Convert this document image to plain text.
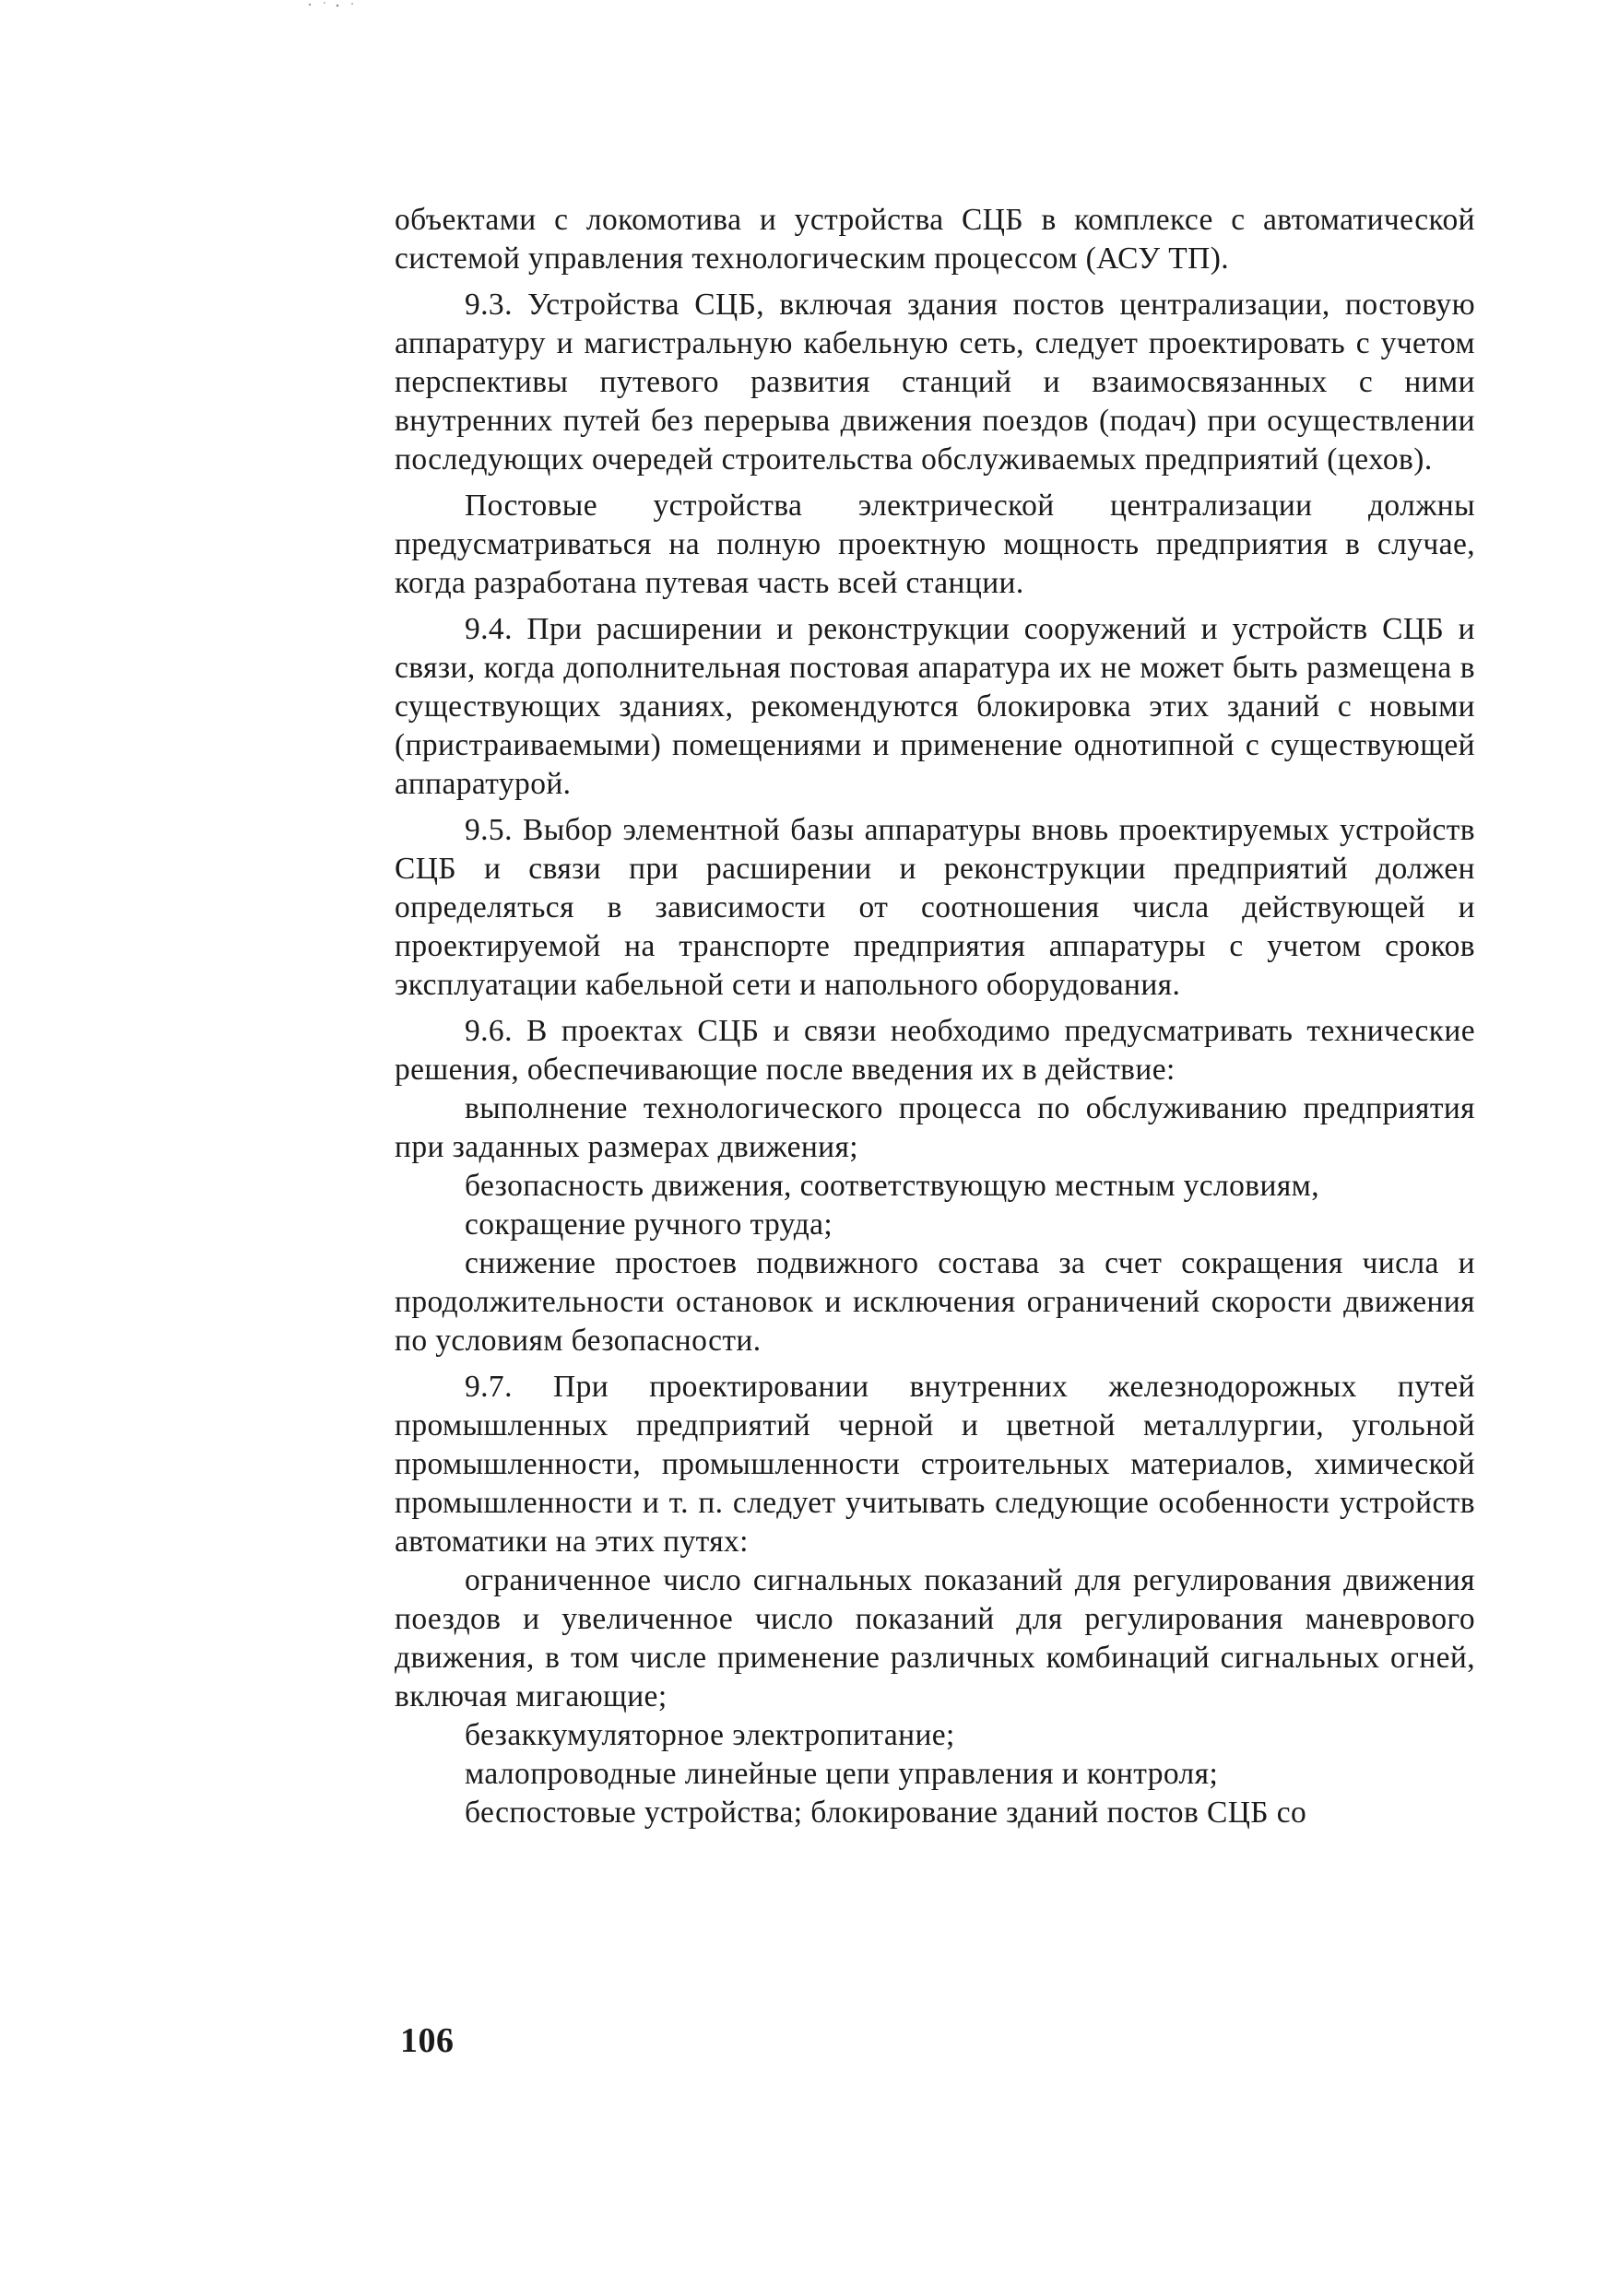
объектами с локомотива и устройства СЦБ в комплексе с автоматической системой управления технологическим процессом (АСУ ТП).

9.3. Устройства СЦБ, включая здания постов централизации, постовую аппаратуру и магистральную кабельную сеть, следует проектировать с учетом перспективы путевого развития станций и взаимосвязанных с ними внутренних путей без перерыва движения поездов (подач) при осуществлении последующих очередей строительства обслуживаемых предприятий (цехов).

Постовые устройства электрической централизации должны предусматриваться на полную проектную мощность предприятия в случае, когда разработана путевая часть всей станции.

9.4. При расширении и реконструкции сооружений и устройств СЦБ и связи, когда дополнительная постовая апаратура их не может быть размещена в существующих зданиях, рекомендуются блокировка этих зданий с новыми (пристраиваемыми) помещениями и применение однотипной с существующей аппаратурой.

9.5. Выбор элементной базы аппаратуры вновь проектируемых устройств СЦБ и связи при расширении и реконструкции предприятий должен определяться в зависимости от соотношения числа действующей и проектируемой на транспорте предприятия аппаратуры с учетом сроков эксплуатации кабельной сети и напольного оборудования.

9.6. В проектах СЦБ и связи необходимо предусматривать технические решения, обеспечивающие после введения их в действие:

выполнение технологического процесса по обслуживанию предприятия при заданных размерах движения;

безопасность движения, соответствующую местным условиям,

сокращение ручного труда;

снижение простоев подвижного состава за счет сокращения числа и продолжительности остановок и исключения ограничений скорости движения по условиям безопасности.

9.7. При проектировании внутренних железнодорожных путей промышленных предприятий черной и цветной металлургии, угольной промышленности, промышленности строительных материалов, химической промышленности и т. п. следует учитывать следующие особенности устройств автоматики на этих путях:

ограниченное число сигнальных показаний для регулирования движения поездов и увеличенное число показаний для регулирования маневрового движения, в том числе применение различных комбинаций сигнальных огней, включая мигающие;

безаккумуляторное электропитание;

малопроводные линейные цепи управления и контроля;

беспостовые устройства; блокирование зданий постов СЦБ со

106
